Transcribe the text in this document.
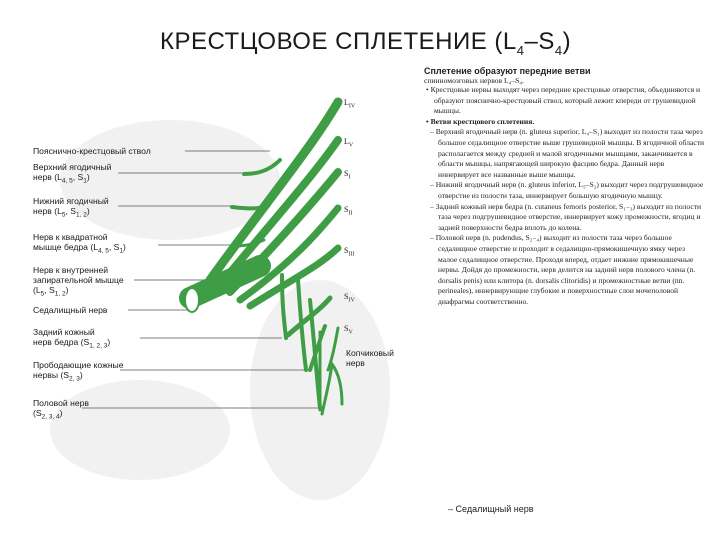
КРЕСТЦОВОЕ СПЛЕТЕНИЕ $(L_4-S_4)$
$L_{IV}$
$L_V$
$S_I$
$S_{II}$
$S_{III}$
$S_{IV}$
$S_V$
Пояснично-крестцовый ствол
Верхний ягодичный
нерв ($L_{4, 5}$, $S_1$)
Нижний ягодичный
нерв ($L_5$, $S_{1, 2}$)
Нерв к квадратной
мышце бедра ($L_{4, 5}$, $S_1$)
Нерв к внутренней
запирательной мышце
($L_5$, $S_{1, 2}$)
Седалищный нерв
Задний кожный
нерв бедра $(S_{1, 2, 3})$
Прободающие кожные
нервы $(S_{2, 3})$
Половой нерв
$(S_{2, 3, 4})$
Копчиковый
нерв

Сплетение образуют передние ветви

спинномозговых нервов L₄–S₄.

• Крестцовые нервы выходят через передние крестцовые отверстия, объединяются и образуют пояснично-крестцовый ствол, который лежит кпереди от грушевидной мышцы.

• Ветви крестцового сплетения.

– Верхний ягодичный нерв (n. gluteus superior, L₄–S₁) выходит из полости таза через большое седалищное отверстие выше грушевидной мышцы. В ягодичной области располагается между средней и малой ягодичными мышцами, заканчивается в области мышцы, напрягающей широкую фасцию бедра. Данный нерв иннервирует все названные выше мышцы.

– Нижний ягодичный нерв (n. gluteus inferior, L₅–S₂) выходит через подгрушевидное отверстие из полости таза, иннервирует большую ягодичную мышцу.

– Задний кожный нерв бедра (n. cutaneus femoris posterior, S₁₋₃) выходит из полости таза через подгрушевидное отверстие, иннервирует кожу промежности, ягодиц и задней поверхности бедра вплоть до колена.

– Половой нерв (n. pudendus, S₂₋₄) выходит из полости таза через большое седалищное отверстие и проходит в седалищно-прямокишечную ямку через малое седалищное отверстие. Проходя вперед, отдает нижние прямокишечные нервы. Дойдя до промежности, нерв делится на задний нерв полового члена (n. dorsalis penis) или клитора (n. dorsalis clitoridis) и промежностные ветви (nn. perineales), иннервирующие глубокие и поверхностные слои мочеполовой диафрагмы соответственно.

– Седалищный нерв
